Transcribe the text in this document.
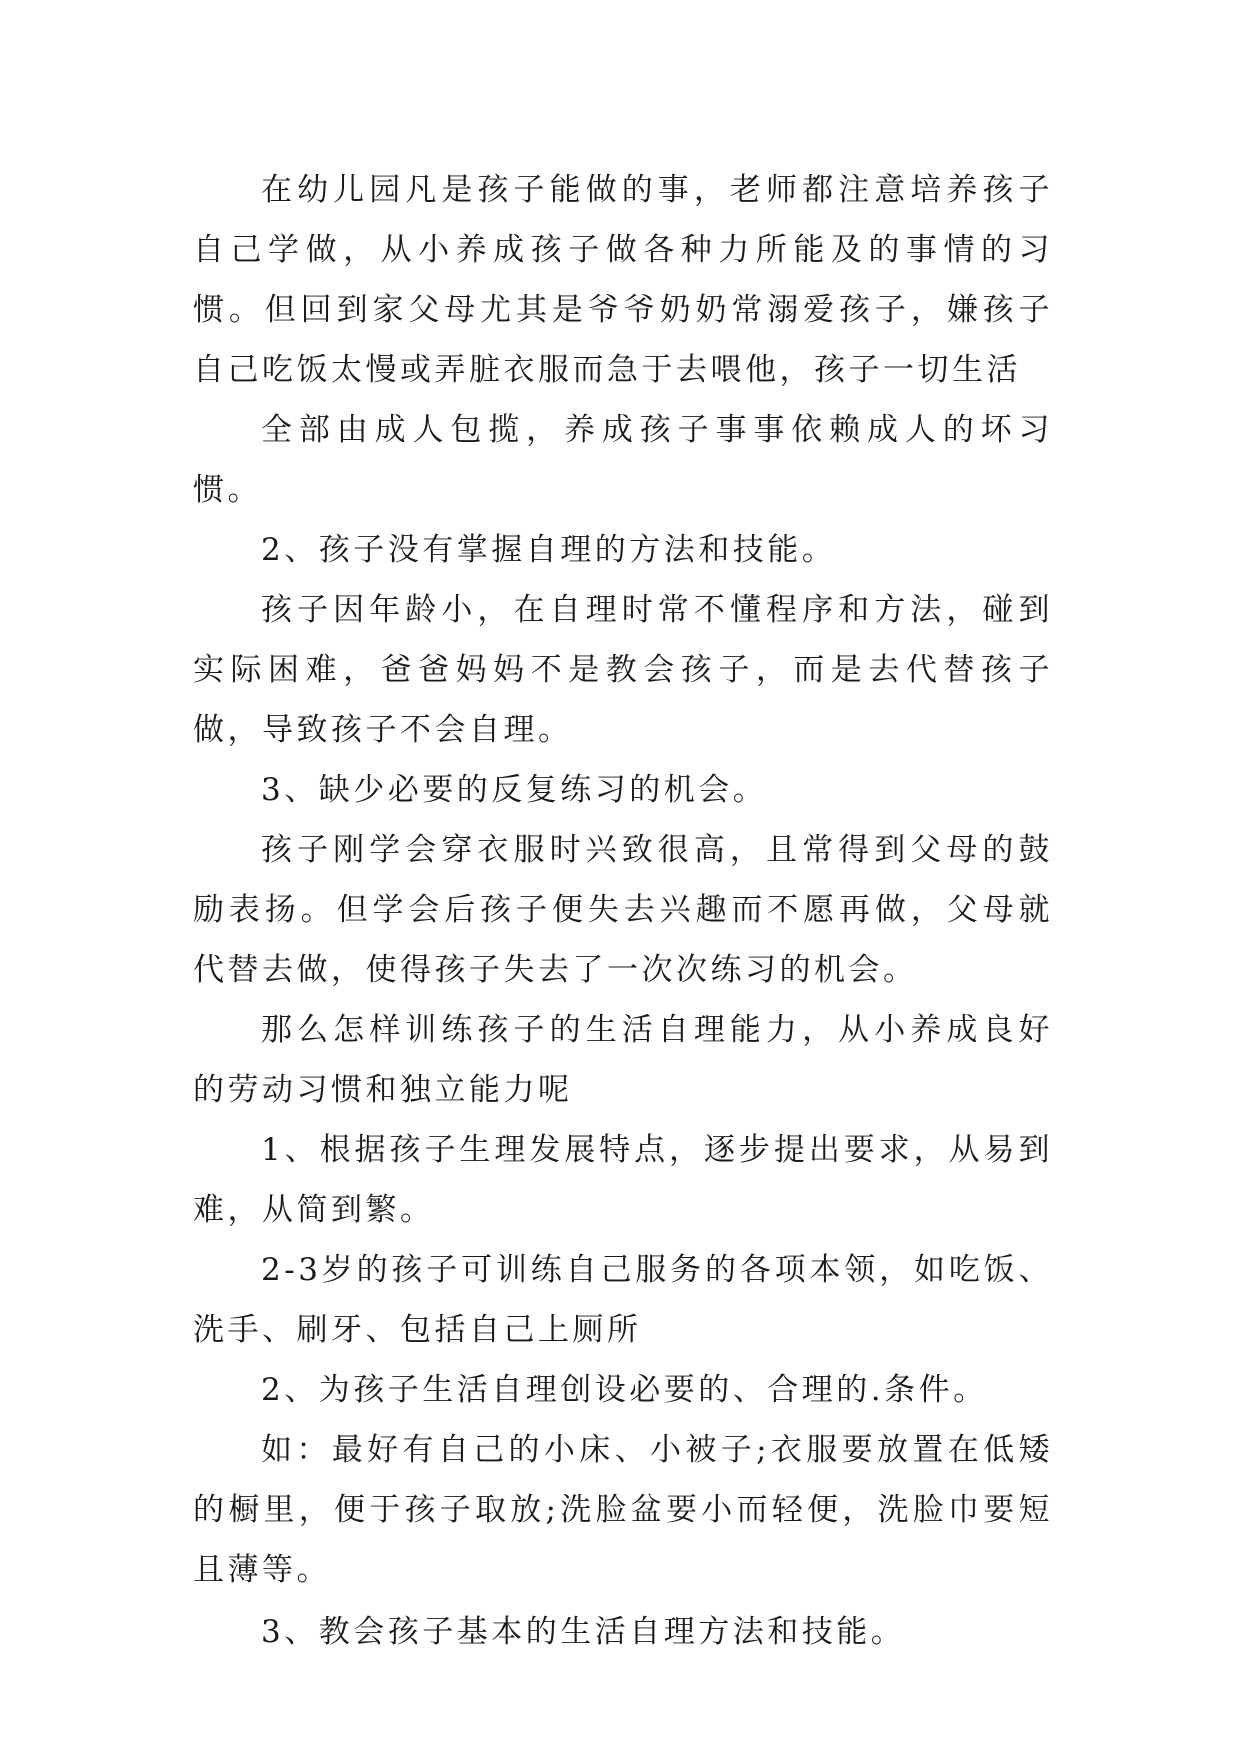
在幼儿园凡是孩子能做的事，老师都注意培养孩子自己学做，从小养成孩子做各种力所能及的事情的习惯。但回到家父母尤其是爷爷奶奶常溺爱孩子，嫌孩子自己吃饭太慢或弄脏衣服而急于去喂他，孩子一切生活

全部由成人包揽，养成孩子事事依赖成人的坏习惯。

2、孩子没有掌握自理的方法和技能。

孩子因年龄小，在自理时常不懂程序和方法，碰到实际困难，爸爸妈妈不是教会孩子，而是去代替孩子做，导致孩子不会自理。

3、缺少必要的反复练习的机会。

孩子刚学会穿衣服时兴致很高，且常得到父母的鼓励表扬。但学会后孩子便失去兴趣而不愿再做，父母就代替去做，使得孩子失去了一次次练习的机会。

那么怎样训练孩子的生活自理能力，从小养成良好的劳动习惯和独立能力呢

1、根据孩子生理发展特点，逐步提出要求，从易到难，从简到繁。

2-3岁的孩子可训练自己服务的各项本领，如吃饭、洗手、刷牙、包括自己上厕所

2、为孩子生活自理创设必要的、合理的.条件。

如：最好有自己的小床、小被子;衣服要放置在低矮的橱里，便于孩子取放;洗脸盆要小而轻便，洗脸巾要短且薄等。

3、教会孩子基本的生活自理方法和技能。
